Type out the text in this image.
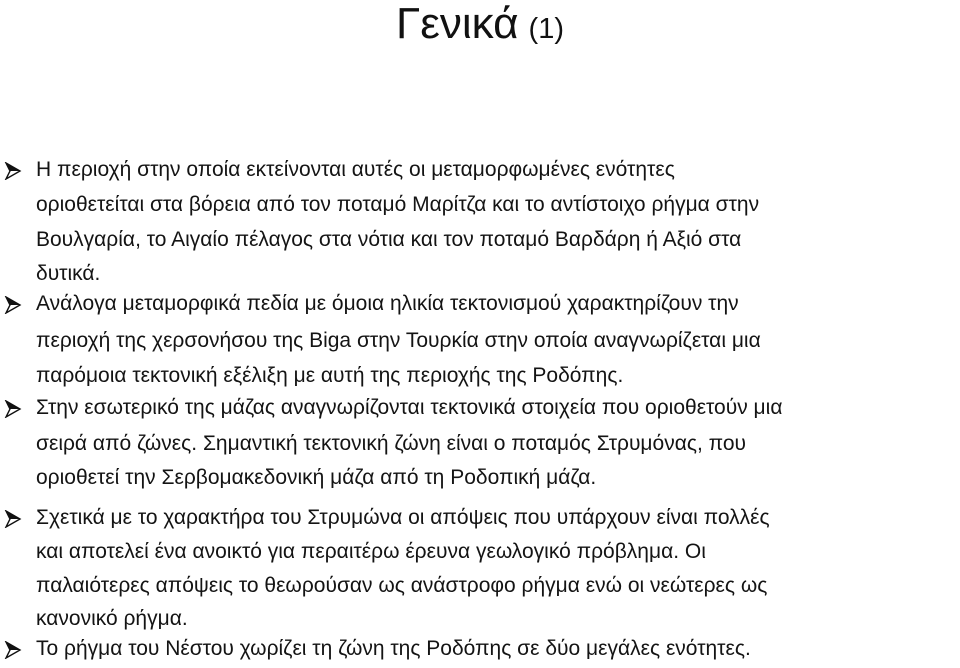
Γενικά (1)
Η περιοχή στην οποία εκτείνονται αυτές οι μεταμορφωμένες ενότητες
οριοθετείται στα βόρεια από τον ποταμό Μαρίτζα και το αντίστοιχο ρήγμα στην
Βουλγαρία, το Αιγαίο πέλαγος στα νότια και τον ποταμό Βαρδάρη ή Αξιό στα
δυτικά.
Ανάλογα μεταμορφικά πεδία με όμοια ηλικία τεκτονισμού χαρακτηρίζουν την
περιοχή της χερσονήσου της Biga στην Τουρκία στην οποία αναγνωρίζεται μια
παρόμοια τεκτονική εξέλιξη με αυτή της περιοχής της Ροδόπης.
Στην εσωτερικό της μάζας αναγνωρίζονται τεκτονικά στοιχεία που οριοθετούν μια
σειρά από ζώνες. Σημαντική τεκτονική ζώνη είναι ο ποταμός Στρυμόνας, που
οριοθετεί την Σερβομακεδονική μάζα από τη Ροδοπική μάζα.
Σχετικά με το χαρακτήρα του Στρυμώνα οι απόψεις που υπάρχουν είναι πολλές
και αποτελεί ένα ανοικτό για περαιτέρω έρευνα γεωλογικό πρόβλημα. Οι
παλαιότερες απόψεις το θεωρούσαν ως ανάστροφο ρήγμα ενώ οι νεώτερες ως
κανονικό ρήγμα.
Το ρήγμα του Νέστου χωρίζει τη ζώνη της Ροδόπης σε δύο μεγάλες ενότητες.
